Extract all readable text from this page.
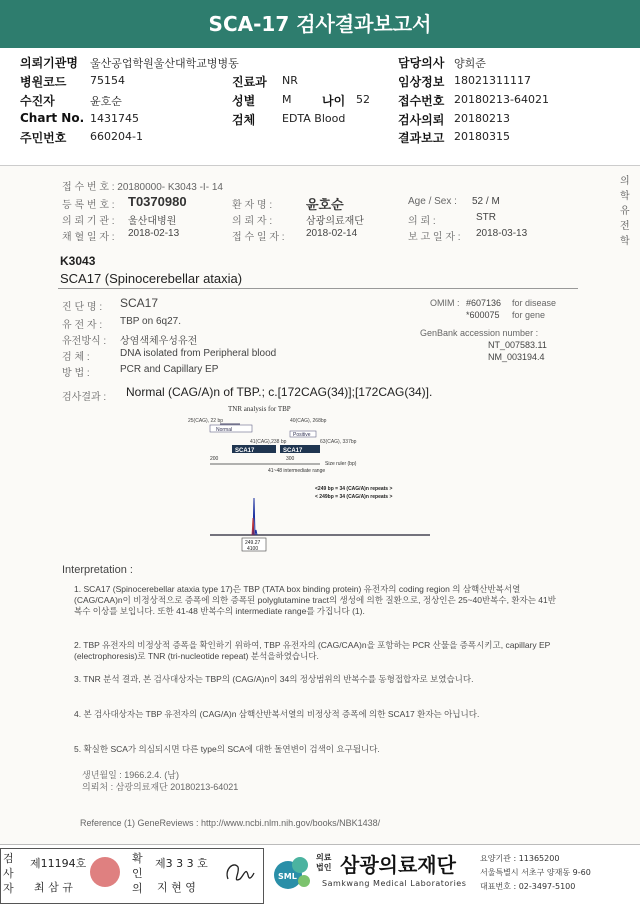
SCA-17 검사결과보고서
의뢰기관명 울산공업학원울산대학교병병동
병원코드 75154
수진자	윤호순
Chart No. 1431745
주민번호 660204-1
진료과 NR
성별 M	나이 52
검체 EDTA Blood
담당의사 양희준
임상정보 18021311117
접수번호 20180213-64021
검사의뢰 20180213
결과보고 20180315
접 수 번 호 : 20180000- K3043 -I- 14
등 록 번 호 : T0370980	환 자 명 :	윤호순	Age / Sex : 52 / M
의 뢰 기 관 : 울산대병원	의 뢰 자 :	삼광의료재단	의 뢰 :	STR
채 혈 일 자 : 2018-02-13	접 수 일 자 : 2018-02-14	보 고 일 자 : 2018-03-13
의학유전학
K3043
SCA17 (Spinocerebellar ataxia)
진 단 명 : SCA17
유 전 자 : TBP on 6q27.
유전방식 : 상염색체우성유전
검 체 :	DNA isolated from Peripheral blood
방 법 :	PCR and Capillary EP
OMIM : #607136 for disease
*600075 for gene
GenBank accession number :
NT_007583.11
NM_003194.4
검사결과 : Normal (CAG/A)n of TBP.; c.[172CAG(34)];[172CAG(34)].
TNR analysis for TBP
25(CAG), 22 bp	40(CAG), 268bp
Normal
Positive
41(CAG),238 bp	63(CAG), 337bp
SCA17	SCA17
200	300
Size ruler (bp)
41~48 intermediate range
<249 bp = 34 (CAG/A)n repeats >
< 249bp = 34 (CAG/A)n repeats >
249.27
4100
Interpretation :
1. SCA17 (Spinocerebellar ataxia type 17)은 TBP (TATA box binding protein) 유전자의 coding region 의 삼핵산반복서열 (CAG/CAA)n이 비정상적으로 증폭에 의한 증폭된 polyglutamine tract의 생성에 의한 질환으로, 정상인은 25~40반복수, 환자는 41반복수 이상를 보입니다. 또한 41-48 반복수의 intermediate range를 가집니다 (1).
2. TBP 유전자의 비정상적 증폭을 확인하기 위하여, TBP 유전자의 (CAG/CAA)n을 포함하는 PCR 산물을 증폭시키고, capillary EP (electrophoresis)로 TNR (tri-nucleotide repeat) 분석을하였습니다.
3. TNR 분석 결과, 본 검사대상자는 TBP의 (CAG/A)n이 34의 정상범위의 반복수를 동형접합자로 보였습니다.
4. 본 검사대상자는 TBP 유전자의 (CAG/A)n 삼핵산반복서열의 비정상적 증폭에 의한 SCA17 환자는 아닙니다.
5. 확실한 SCA가 의심되시면 다른 type의 SCA에 대한 돌연변이 검색이 요구됩니다.
생년월일 : 1966.2.4. (남)
의뢰처 : 삼광의료재단 20180213-64021
Reference (1) GeneReviews : http://www.ncbi.nlm.nih.gov/books/NBK1438/
검사자
제11194호
최 삼 규
확인의
제3 3 3 호
지 현 영
SML
의료법인 삼광의료재단
Samkwang Medical Laboratories
요양기관 : 11365200
서울특별시 서초구 양재동 9-60
대표번호 : 02-3497-5100
